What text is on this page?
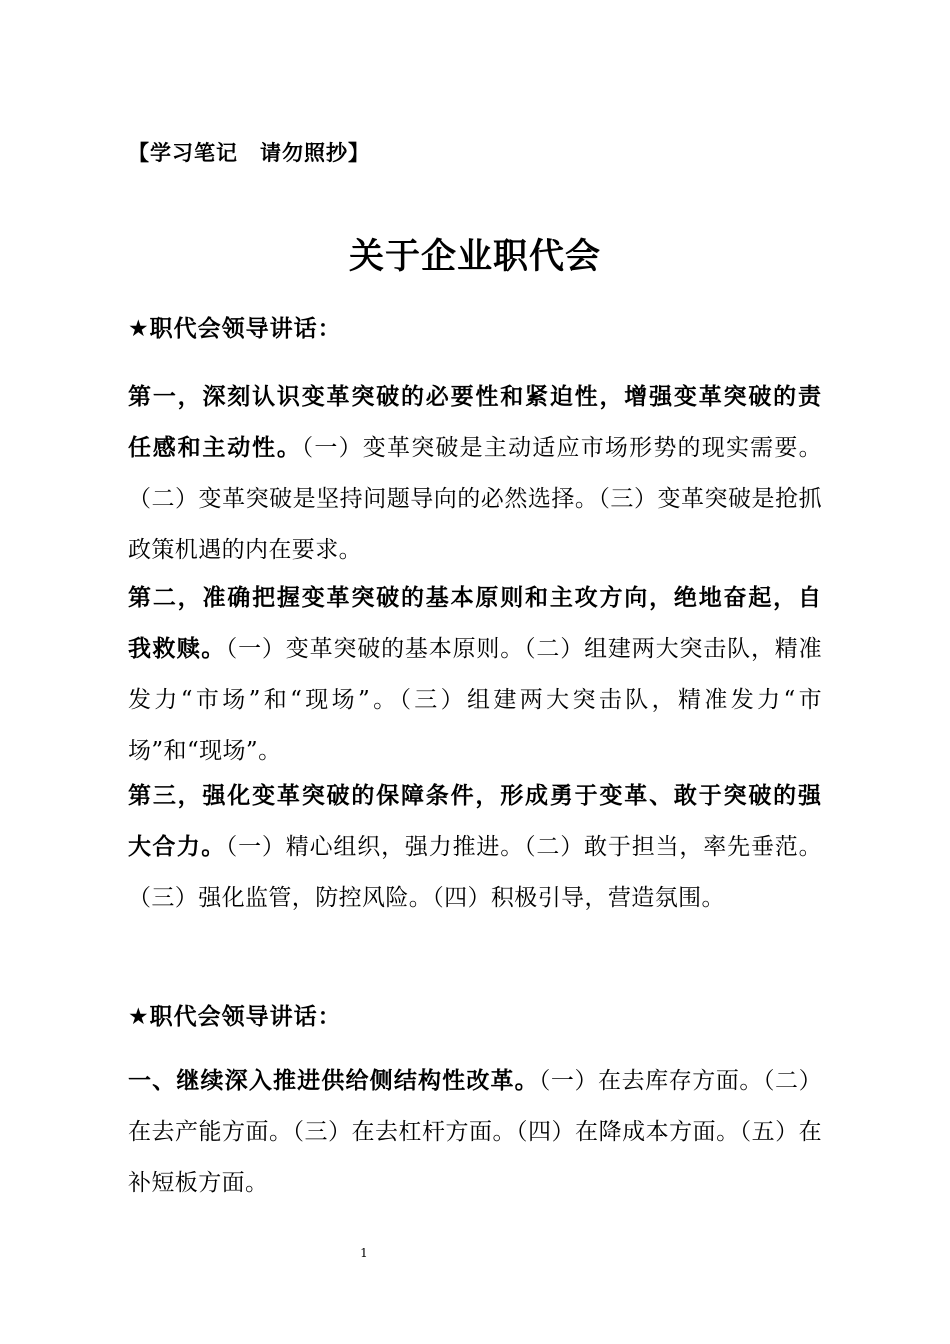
【学习笔记　请勿照抄】
关于企业职代会
★职代会领导讲话：

第一，深刻认识变革突破的必要性和紧迫性，增强变革突破的责任感和主动性。（一）变革突破是主动适应市场形势的现实需要。（二）变革突破是坚持问题导向的必然选择。（三）变革突破是抢抓政策机遇的内在要求。

第二，准确把握变革突破的基本原则和主攻方向，绝地奋起，自我救赎。（一）变革突破的基本原则。（二）组建两大突击队，精准发力“市场”和“现场”。（三）组建两大突击队，精准发力“市场”和“现场”。

第三，强化变革突破的保障条件，形成勇于变革、敢于突破的强大合力。（一）精心组织，强力推进。（二）敢于担当，率先垂范。（三）强化监管，防控风险。（四）积极引导，营造氛围。

★职代会领导讲话：

一、继续深入推进供给侧结构性改革。（一）在去库存方面。（二）在去产能方面。（三）在去杠杆方面。（四）在降成本方面。（五）在补短板方面。

1
